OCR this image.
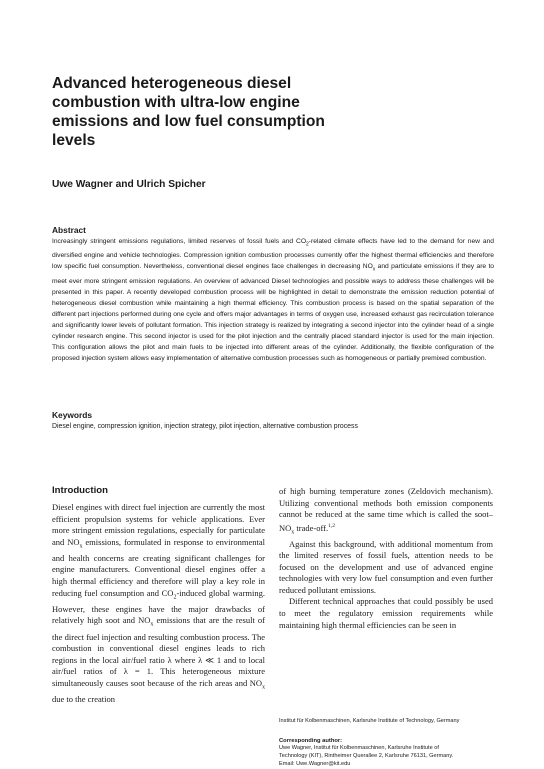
Advanced heterogeneous diesel combustion with ultra-low engine emissions and low fuel consumption levels

Uwe Wagner and Ulrich Spicher

Abstract

Increasingly stringent emissions regulations, limited reserves of fossil fuels and $CO_2$-related climate effects have led to the demand for new and diversified engine and vehicle technologies. Compression ignition combustion processes currently offer the highest thermal efficiencies and therefore low specific fuel consumption. Nevertheless, conventional diesel engines face challenges in decreasing $NO_x$ and particulate emissions if they are to meet ever more stringent emission regulations. An overview of advanced Diesel technologies and possible ways to address these challenges will be presented in this paper. A recently developed combustion process will be highlighted in detail to demonstrate the emission reduction potential of heterogeneous diesel combustion while maintaining a high thermal efficiency. This combustion process is based on the spatial separation of the different part injections performed during one cycle and offers major advantages in terms of oxygen use, increased exhaust gas recirculation tolerance and significantly lower levels of pollutant formation. This injection strategy is realized by integrating a second injector into the cylinder head of a single cylinder research engine. This second injector is used for the pilot injection and the centrally placed standard injector is used for the main injection. This configuration allows the pilot and main fuels to be injected into different areas of the cylinder. Additionally, the flexible configuration of the proposed injection system allows easy implementation of alternative combustion processes such as homogeneous or partially premixed combustion.

Keywords

Diesel engine, compression ignition, injection strategy, pilot injection, alternative combustion process

Introduction

Diesel engines with direct fuel injection are currently the most efficient propulsion systems for vehicle applications. Ever more stringent emission regulations, especially for particulate and $NO_x$ emissions, formulated in response to environmental and health concerns are creating significant challenges for engine manufacturers. Conventional diesel engines offer a high thermal efficiency and therefore will play a key role in reducing fuel consumption and $CO_2$-induced global warming. However, these engines have the major drawbacks of relatively high soot and $NO_x$ emissions that are the result of the direct fuel injection and resulting combustion process. The combustion in conventional diesel engines leads to rich regions in the local air/fuel ratio λ where λ ≪ 1 and to local air/fuel ratios of λ = 1. This heterogeneous mixture simultaneously causes soot because of the rich areas and $NO_x$ due to the creation

of high burning temperature zones (Zeldovich mechanism). Utilizing conventional methods both emission components cannot be reduced at the same time which is called the soot–$NO_x$ trade-off.$^{1,2}$

Against this background, with additional momentum from the limited reserves of fossil fuels, attention needs to be focused on the development and use of advanced engine technologies with very low fuel consumption and even further reduced pollutant emissions.

Different technical approaches that could possibly be used to meet the regulatory emission requirements while maintaining high thermal efficiencies can be seen in

Institut für Kolbenmaschinen, Karlsruhe Institute of Technology, Germany

Corresponding author:

Uwe Wagner, Institut für Kolbenmaschinen, Karlsruhe Institute of
Technology (KIT), Rintheimer Querallee 2, Karlsruhe 76131, Germany.
Email: Uwe.Wagner@kit.edu
